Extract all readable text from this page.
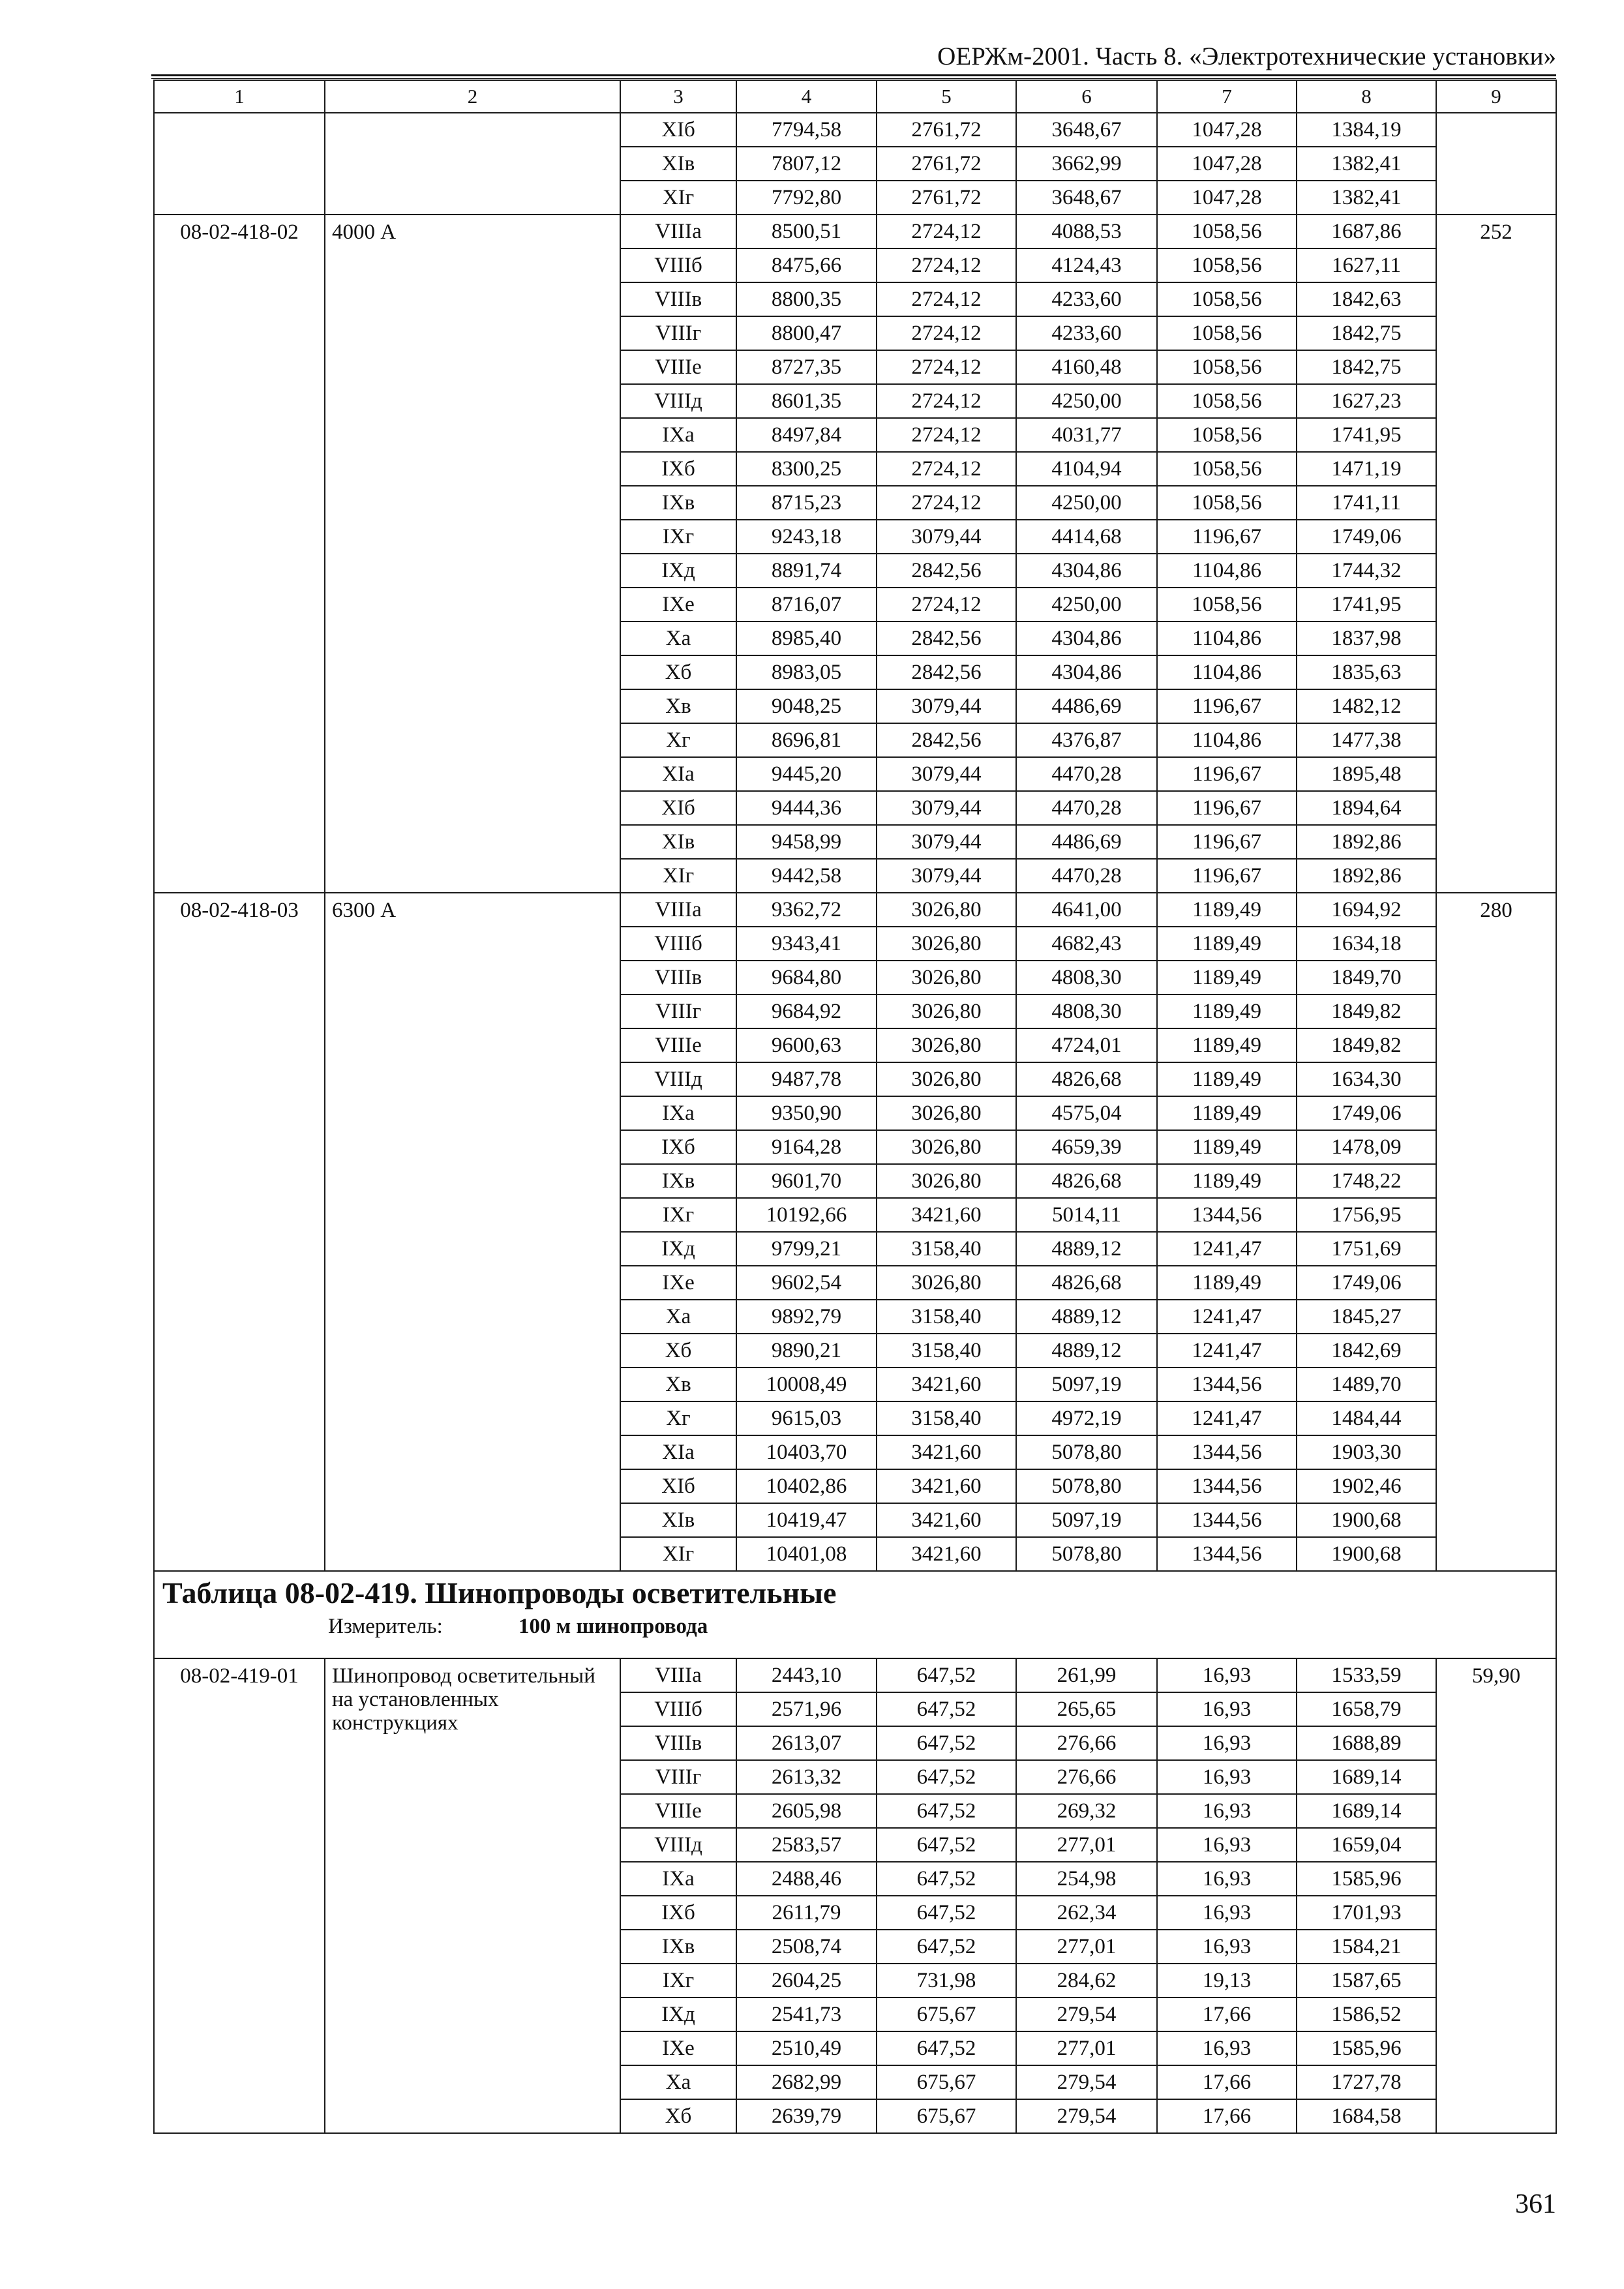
ОЕРЖм-2001. Часть 8. «Электротехнические установки»
1	2	3	4	5	6	7	8	9
		XIб	7794,58	2761,72	3648,67	1047,28	1384,19	
		XIв	7807,12	2761,72	3662,99	1047,28	1382,41	
		XIг	7792,80	2761,72	3648,67	1047,28	1382,41	
08-02-418-02	4000 А	VIIIа	8500,51	2724,12	4088,53	1058,56	1687,86	252
		VIIIб	8475,66	2724,12	4124,43	1058,56	1627,11	
		VIIIв	8800,35	2724,12	4233,60	1058,56	1842,63	
		VIIIг	8800,47	2724,12	4233,60	1058,56	1842,75	
		VIIIе	8727,35	2724,12	4160,48	1058,56	1842,75	
		VIIIд	8601,35	2724,12	4250,00	1058,56	1627,23	
		IXа	8497,84	2724,12	4031,77	1058,56	1741,95	
		IXб	8300,25	2724,12	4104,94	1058,56	1471,19	
		IXв	8715,23	2724,12	4250,00	1058,56	1741,11	
		IXг	9243,18	3079,44	4414,68	1196,67	1749,06	
		IXд	8891,74	2842,56	4304,86	1104,86	1744,32	
		IXе	8716,07	2724,12	4250,00	1058,56	1741,95	
		Xа	8985,40	2842,56	4304,86	1104,86	1837,98	
		Xб	8983,05	2842,56	4304,86	1104,86	1835,63	
		Xв	9048,25	3079,44	4486,69	1196,67	1482,12	
		Xг	8696,81	2842,56	4376,87	1104,86	1477,38	
		XIа	9445,20	3079,44	4470,28	1196,67	1895,48	
		XIб	9444,36	3079,44	4470,28	1196,67	1894,64	
		XIв	9458,99	3079,44	4486,69	1196,67	1892,86	
		XIг	9442,58	3079,44	4470,28	1196,67	1892,86	
08-02-418-03	6300 А	VIIIа	9362,72	3026,80	4641,00	1189,49	1694,92	280
		VIIIб	9343,41	3026,80	4682,43	1189,49	1634,18	
		VIIIв	9684,80	3026,80	4808,30	1189,49	1849,70	
		VIIIг	9684,92	3026,80	4808,30	1189,49	1849,82	
		VIIIе	9600,63	3026,80	4724,01	1189,49	1849,82	
		VIIIд	9487,78	3026,80	4826,68	1189,49	1634,30	
		IXа	9350,90	3026,80	4575,04	1189,49	1749,06	
		IXб	9164,28	3026,80	4659,39	1189,49	1478,09	
		IXв	9601,70	3026,80	4826,68	1189,49	1748,22	
		IXг	10192,66	3421,60	5014,11	1344,56	1756,95	
		IXд	9799,21	3158,40	4889,12	1241,47	1751,69	
		IXе	9602,54	3026,80	4826,68	1189,49	1749,06	
		Xа	9892,79	3158,40	4889,12	1241,47	1845,27	
		Xб	9890,21	3158,40	4889,12	1241,47	1842,69	
		Xв	10008,49	3421,60	5097,19	1344,56	1489,70	
		Xг	9615,03	3158,40	4972,19	1241,47	1484,44	
		XIа	10403,70	3421,60	5078,80	1344,56	1903,30	
		XIб	10402,86	3421,60	5078,80	1344,56	1902,46	
		XIв	10419,47	3421,60	5097,19	1344,56	1900,68	
		XIг	10401,08	3421,60	5078,80	1344,56	1900,68	

Таблица 08-02-419. Шинопроводы осветительные
Измеритель: 100 м шинопровода								

08-02-419-01	Шинопровод осветительный на установленных конструкциях	VIIIа	2443,10	647,52	261,99	16,93	1533,59	59,90
		VIIIб	2571,96	647,52	265,65	16,93	1658,79	
		VIIIв	2613,07	647,52	276,66	16,93	1688,89	
		VIIIг	2613,32	647,52	276,66	16,93	1689,14	
		VIIIе	2605,98	647,52	269,32	16,93	1689,14	
		VIIIд	2583,57	647,52	277,01	16,93	1659,04	
		IXа	2488,46	647,52	254,98	16,93	1585,96	
		IXб	2611,79	647,52	262,34	16,93	1701,93	
		IXв	2508,74	647,52	277,01	16,93	1584,21	
		IXг	2604,25	731,98	284,62	19,13	1587,65	
		IXд	2541,73	675,67	279,54	17,66	1586,52	
		IXе	2510,49	647,52	277,01	16,93	1585,96	
		Xа	2682,99	675,67	279,54	17,66	1727,78	
		Xб	2639,79	675,67	279,54	17,66	1684,58	
361
